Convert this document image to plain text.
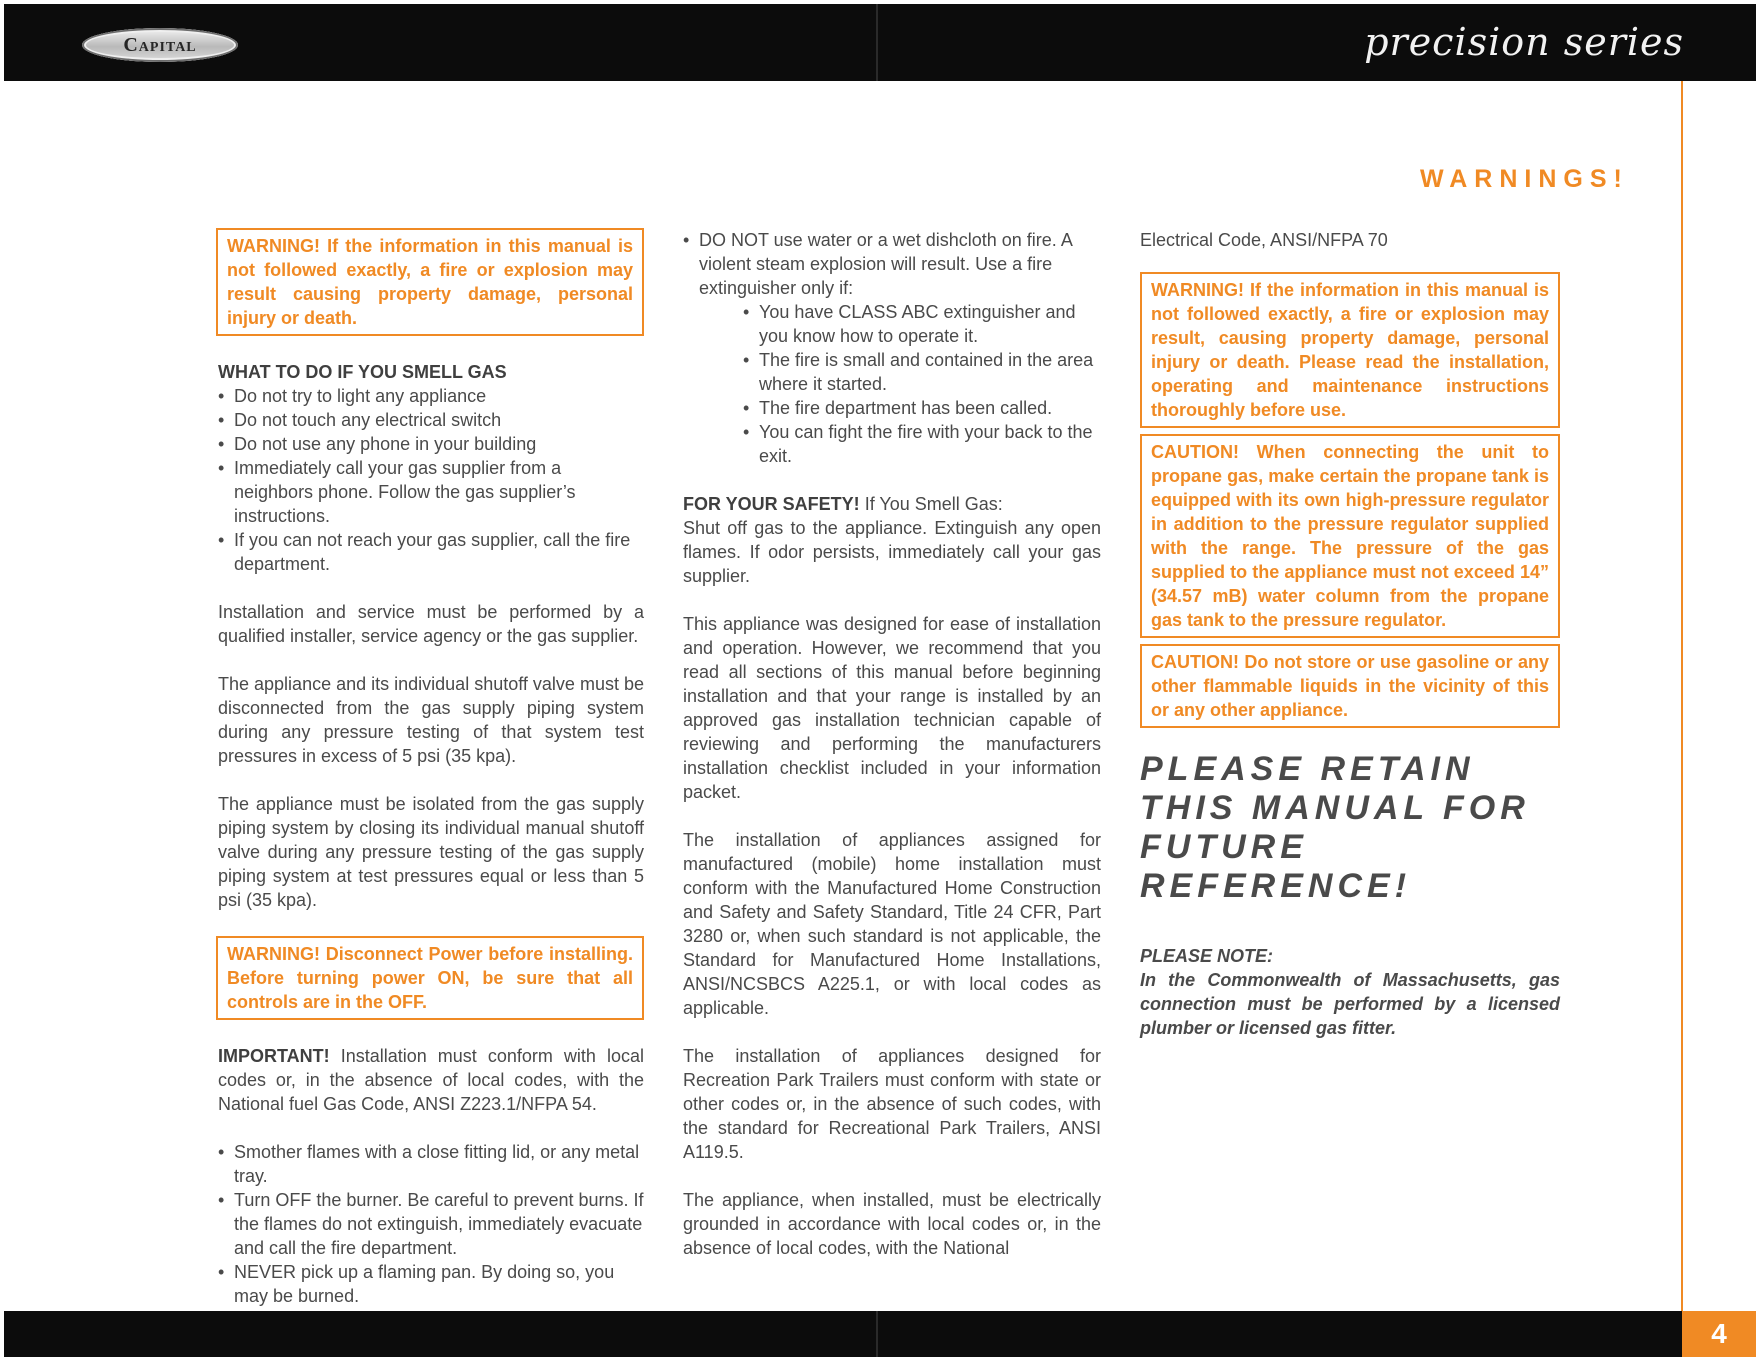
Capital	precision series
WARNINGS!
WARNING! If the information in this manual is not followed exactly, a fire or explosion may result causing property damage, personal injury or death.
WHAT TO DO IF YOU SMELL GAS
• Do not try to light any appliance
• Do not touch any electrical switch
• Do not use any phone in your building
• Immediately call your gas supplier from a neighbors phone. Follow the gas supplier’s instructions.
• If you can not reach your gas supplier, call the fire department.

Installation and service must be performed by a qualified installer, service agency or the gas supplier.

The appliance and its individual shutoff valve must be disconnected from the gas supply piping system during any pressure testing of that system test pressures in excess of 5 psi (35 kpa).

The appliance must be isolated from the gas supply piping system by closing its individual manual shutoff valve during any pressure testing of the gas supply piping system at test pressures equal or less than 5 psi (35 kpa).

WARNING! Disconnect Power before installing. Before turning power ON, be sure that all controls are in the OFF.

IMPORTANT! Installation must conform with local codes or, in the absence of local codes, with the National fuel Gas Code, ANSI Z223.1/NFPA 54.

• Smother flames with a close fitting lid, or any metal tray.
• Turn OFF the burner. Be careful to prevent burns. If the flames do not extinguish, immediately evacuate and call the fire department.
• NEVER pick up a flaming pan. By doing so, you may be burned.
• DO NOT use water or a wet dishcloth on fire. A violent steam explosion will result. Use a fire extinguisher only if:
• You have CLASS ABC extinguisher and you know how to operate it.
• The fire is small and contained in the area where it started.
• The fire department has been called.
• You can fight the fire with your back to the exit.
FOR YOUR SAFETY! If You Smell Gas:

Shut off gas to the appliance. Extinguish any open flames. If odor persists, immediately call your gas supplier.

This appliance was designed for ease of installation and operation. However, we recommend that you read all sections of this manual before beginning installation and that your range is installed by an approved gas installation technician capable of reviewing and performing the manufacturers installation checklist included in your information packet.

The installation of appliances assigned for manufactured (mobile) home installation must conform with the Manufactured Home Construction and Safety and Safety Standard, Title 24 CFR, Part 3280 or, when such standard is not applicable, the Standard for Manufactured Home Installations, ANSI/NCSBCS A225.1, or with local codes as applicable.

The installation of appliances designed for Recreation Park Trailers must conform with state or other codes or, in the absence of such codes, with the standard for Recreational Park Trailers, ANSI A119.5.

The appliance, when installed, must be electrically grounded in accordance with local codes or, in the absence of local codes, with the National

Electrical Code, ANSI/NFPA 70

WARNING! If the information in this manual is not followed exactly, a fire or explosion may result, causing property damage, personal injury or death. Please read the installation, operating and maintenance instructions thoroughly before use.
CAUTION! When connecting the unit to propane gas, make certain the propane tank is equipped with its own high-pressure regulator in addition to the pressure regulator supplied with the range. The pressure of the gas supplied to the appliance must not exceed 14” (34.57 mB) water column from the propane gas tank to the pressure regulator.
CAUTION! Do not store or use gasoline or any other flammable liquids in the vicinity of this or any other appliance.
PLEASE RETAIN THIS MANUAL FOR FUTURE REFERENCE!
PLEASE NOTE:

In the Commonwealth of Massachusetts, gas connection must be performed by a licensed plumber or licensed gas fitter.

4
